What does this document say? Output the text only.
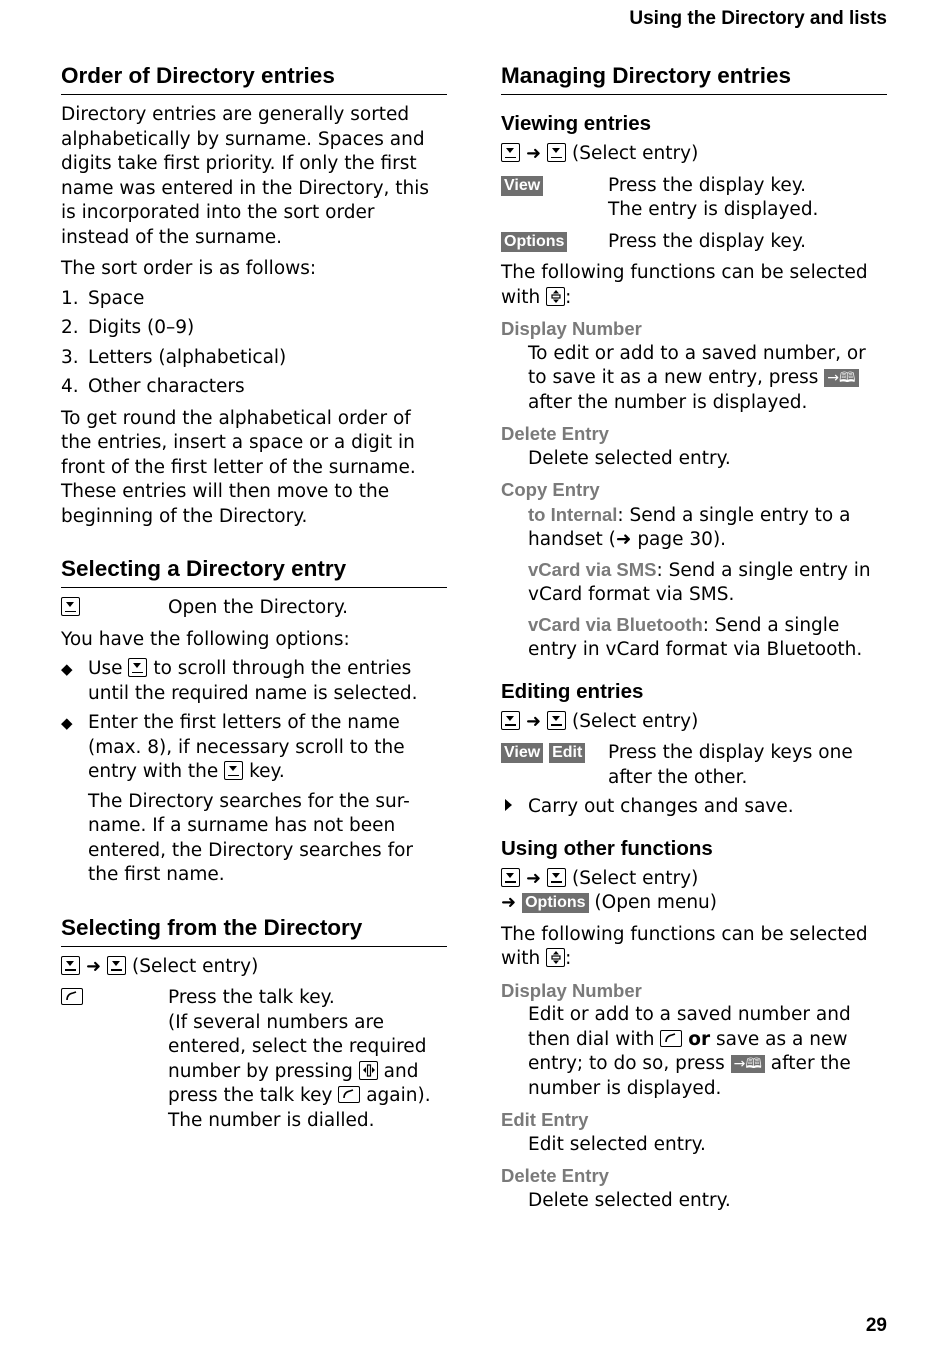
Using the Directory and lists
Order of Directory entries

Directory entries are generally sorted alphabetically by surname. Spaces and digits take first priority. If only the first name was entered in the Directory, this is incorporated into the sort order instead of the surname.

The sort order is as follows:

1. Space
2. Digits (0–9)
3. Letters (alphabetical)
4. Other characters

To get round the alphabetical order of the entries, insert a space or a digit in front of the first letter of the surname. These entries will then move to the beginning of the Directory.

Selecting a Directory entry
Open the Directory.

You have the following options:

◆ Use to scroll through the entries until the required name is selected.
◆ Enter the first letters of the name (max. 8), if necessary scroll to the entry with the key.

The Directory searches for the sur-name. If a surname has not been entered, the Directory searches for the first name.

Selecting from the Directory
➜ (Select entry)
Press the talk key.
(If several numbers are entered, select the required number by pressing and press the talk key again).
The number is dialled.
Managing Directory entries
Viewing entries
➜ (Select entry)
View	Press the display key.
The entry is displayed.
Options	Press the display key.

The following functions can be selected with :

Display Number

To edit or add to a saved number, or to save it as a new entry, press →🕮 after the number is displayed.

Delete Entry

Delete selected entry.

Copy Entry

to Internal: Send a single entry to a handset (➜ page 30).

vCard via SMS: Send a single entry in vCard format via SMS.

vCard via Bluetooth: Send a single entry in vCard format via Bluetooth.

Editing entries
➜ (Select entry)
View Edit	Press the display keys one after the other.
Carry out changes and save.
Using other functions
➜ (Select entry)
➜ Options (Open menu)

The following functions can be selected with :

Display Number

Edit or add to a saved number and then dial with or save as a new entry; to do so, press →🕮 after the number is displayed.

Edit Entry

Edit selected entry.

Delete Entry

Delete selected entry.

29
